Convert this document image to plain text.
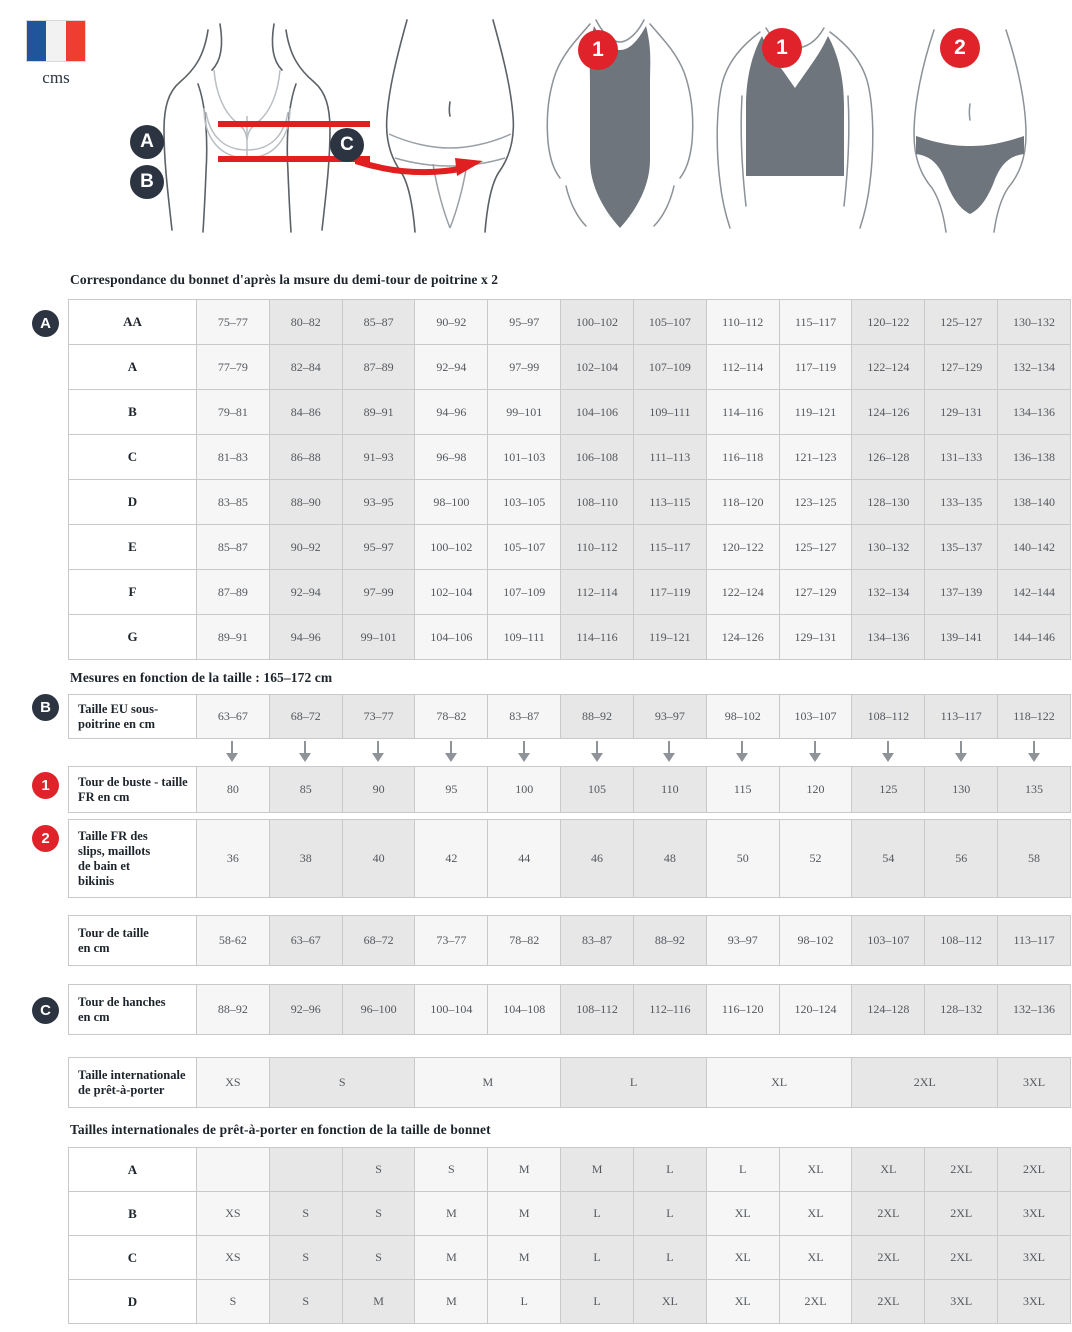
cms
A
B
C
1	1	2
Correspondance du bonnet d'après la msure du demi-tour de poitrine x 2
A	AA	75–77	80–82	85–87	90–92	95–97	100–102	105–107	110–112	115–117	120–122	125–127	130–132
A	77–79	82–84	87–89	92–94	97–99	102–104	107–109	112–114	117–119	122–124	127–129	132–134
B	79–81	84–86	89–91	94–96	99–101	104–106	109–111	114–116	119–121	124–126	129–131	134–136
C	81–83	86–88	91–93	96–98	101–103	106–108	111–113	116–118	121–123	126–128	131–133	136–138
D	83–85	88–90	93–95	98–100	103–105	108–110	113–115	118–120	123–125	128–130	133–135	138–140
E	85–87	90–92	95–97	100–102	105–107	110–112	115–117	120–122	125–127	130–132	135–137	140–142
F	87–89	92–94	97–99	102–104	107–109	112–114	117–119	122–124	127–129	132–134	137–139	142–144
G	89–91	94–96	99–101	104–106	109–111	114–116	119–121	124–126	129–131	134–136	139–141	144–146
Mesures en fonction de la taille : 165–172 cm
B Taille EU sous-
poitrine en cm	63–67	68–72	73–77	78–82	83–87	88–92	93–97	98–102	103–107	108–112	113–117	118–122
1 Tour de buste - taille
FR en cm	80	85	90	95	100	105	110	115	120	125	130	135
2 Taille FR des
slips, maillots
de bain et
bikinis	36	38	40	42	44	46	48	50	52	54	56	58
Tour de taille
en cm	58-62	63–67	68–72	73–77	78–82	83–87	88–92	93–97	98–102	103–107	108–112	113–117
C
Tour de hanches
en cm	88–92	92–96	96–100	100–104	104–108	108–112	112–116	116–120	120–124	124–128	128–132	132–136
Taille internationale
de prêt-à-porter	XS	S	M	L	XL	2XL	3XL
Tailles internationales de prêt-à-porter en fonction de la taille de bonnet
A			S	S	M	M	L	L	XL	XL	2XL	2XL
B	XS	S	S	M	M	L	L	XL	XL	2XL	2XL	3XL
C	XS	S	S	M	M	L	L	XL	XL	2XL	2XL	3XL
D	S	S	M	M	L	L	XL	XL	2XL	2XL	3XL	3XL
